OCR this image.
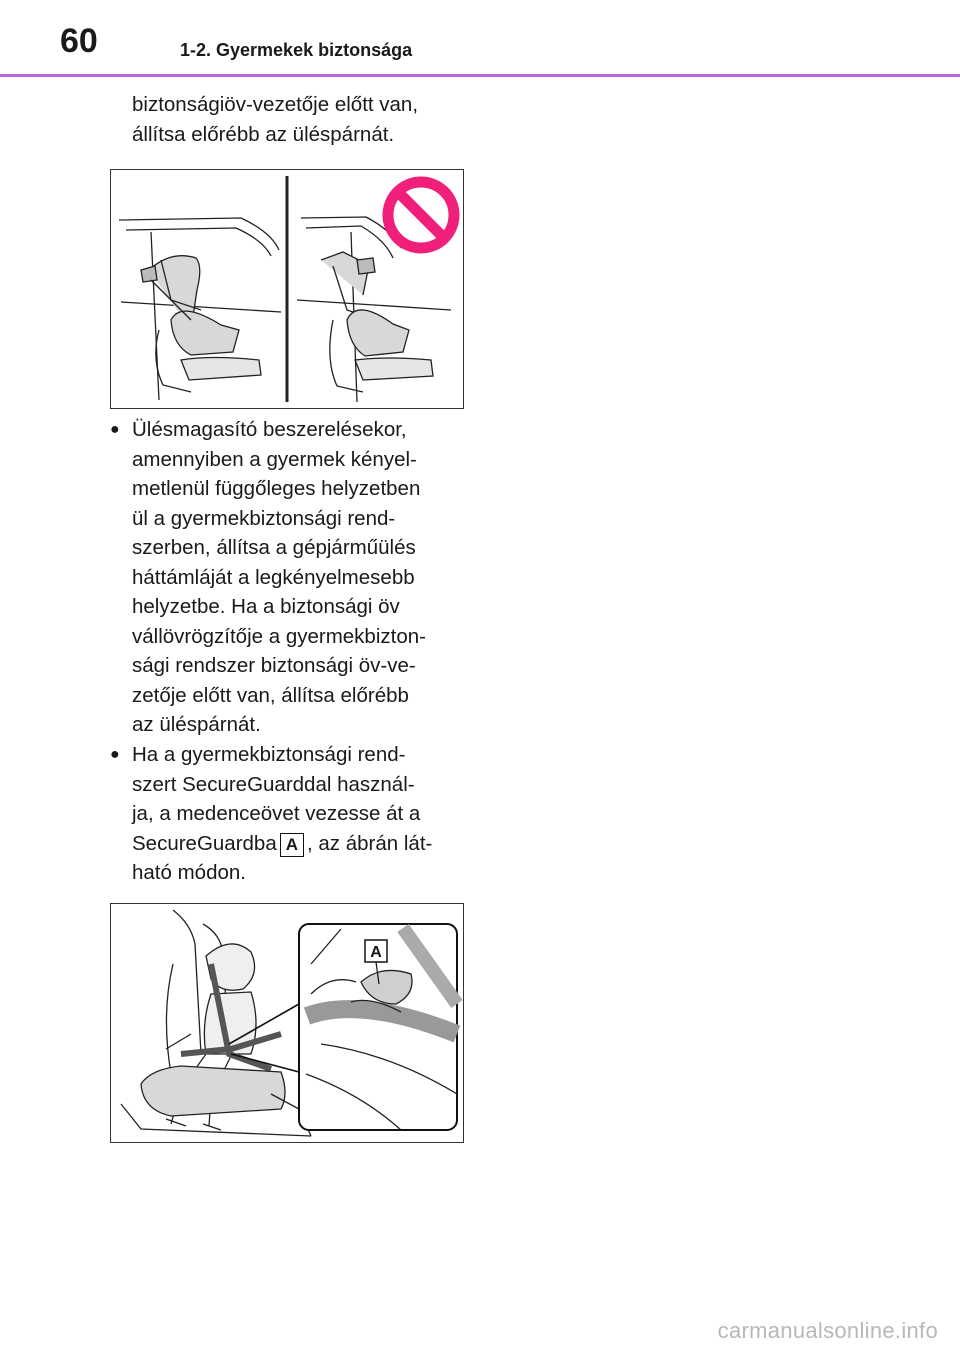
60	1-2. Gyermekek biztonsága
biztonságiöv-vezetője előtt van,
állítsa előrébb az üléspárnát.
● Ülésmagasító beszerelésekor,
amennyiben a gyermek kényel-
metlenül függőleges helyzetben
ül a gyermekbiztonsági rend-
szerben, állítsa a gépjárműülés
háttámláját a legkényelmesebb
helyzetbe. Ha a biztonsági öv
vállövrögzítője a gyermekbizton-
sági rendszer biztonsági öv-ve-
zetője előtt van, állítsa előrébb
az üléspárnát.
● Ha a gyermekbiztonsági rend-
szert SecureGuarddal használ-
ja, a medenceövet vezesse át a
SecureGuardba A , az ábrán lát-
ható módon.
A
carmanualsonline.info
